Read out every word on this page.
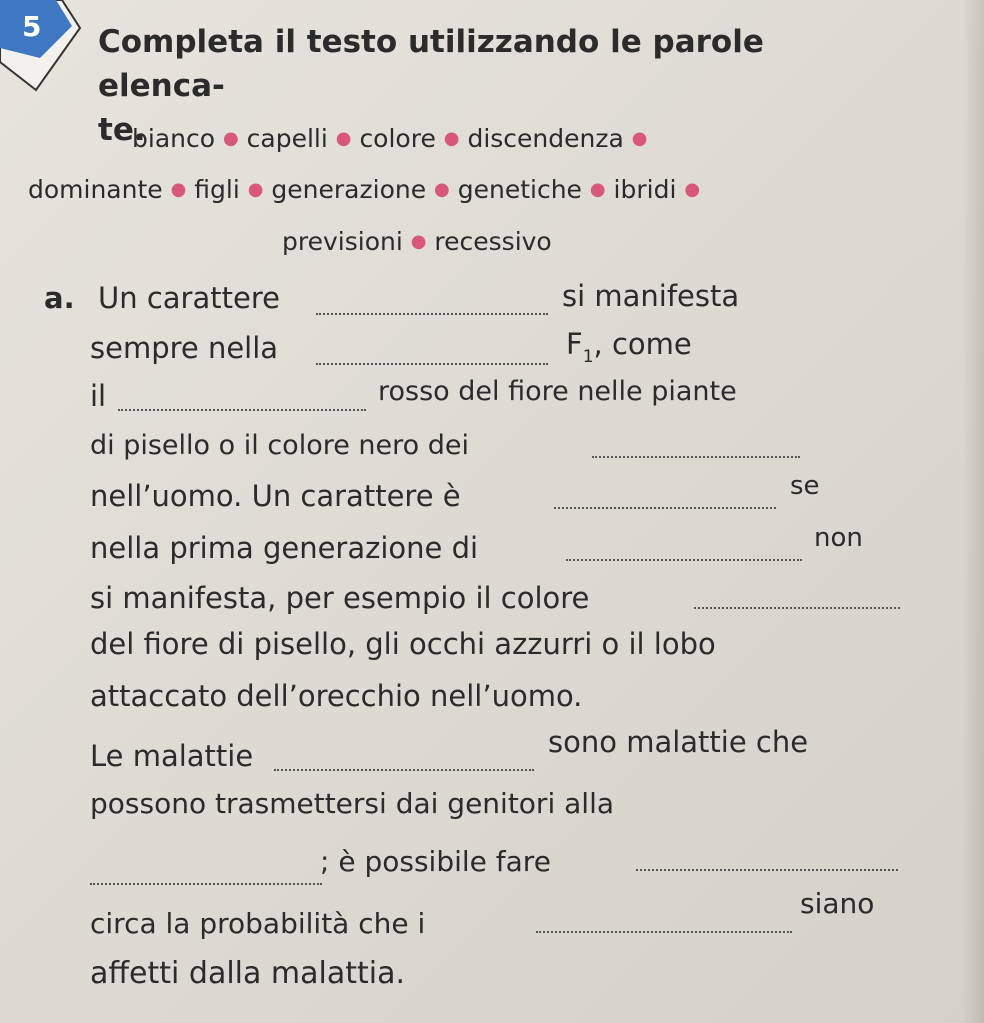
5 Completa il testo utilizzando le parole elenca-
te.
bianco ● capelli ● colore ● discendenza ●
dominante ● figli ● generazione ● genetiche ● ibridi ●
previsioni ● recessivo
a. Un carattere	si manifesta
sempre nella	$F_1$, come
il	rosso del fiore nelle piante
di pisello o il colore nero dei
nell’uomo. Un carattere è	se
nella prima generazione di	non
si manifesta, per esempio il colore
del fiore di pisello, gli occhi azzurri o il lobo
attaccato dell’orecchio nell’uomo.
Le malattie	sono malattie che
possono trasmettersi dai genitori alla
; è possibile fare
circa la probabilità che i
siano
affetti dalla malattia.
